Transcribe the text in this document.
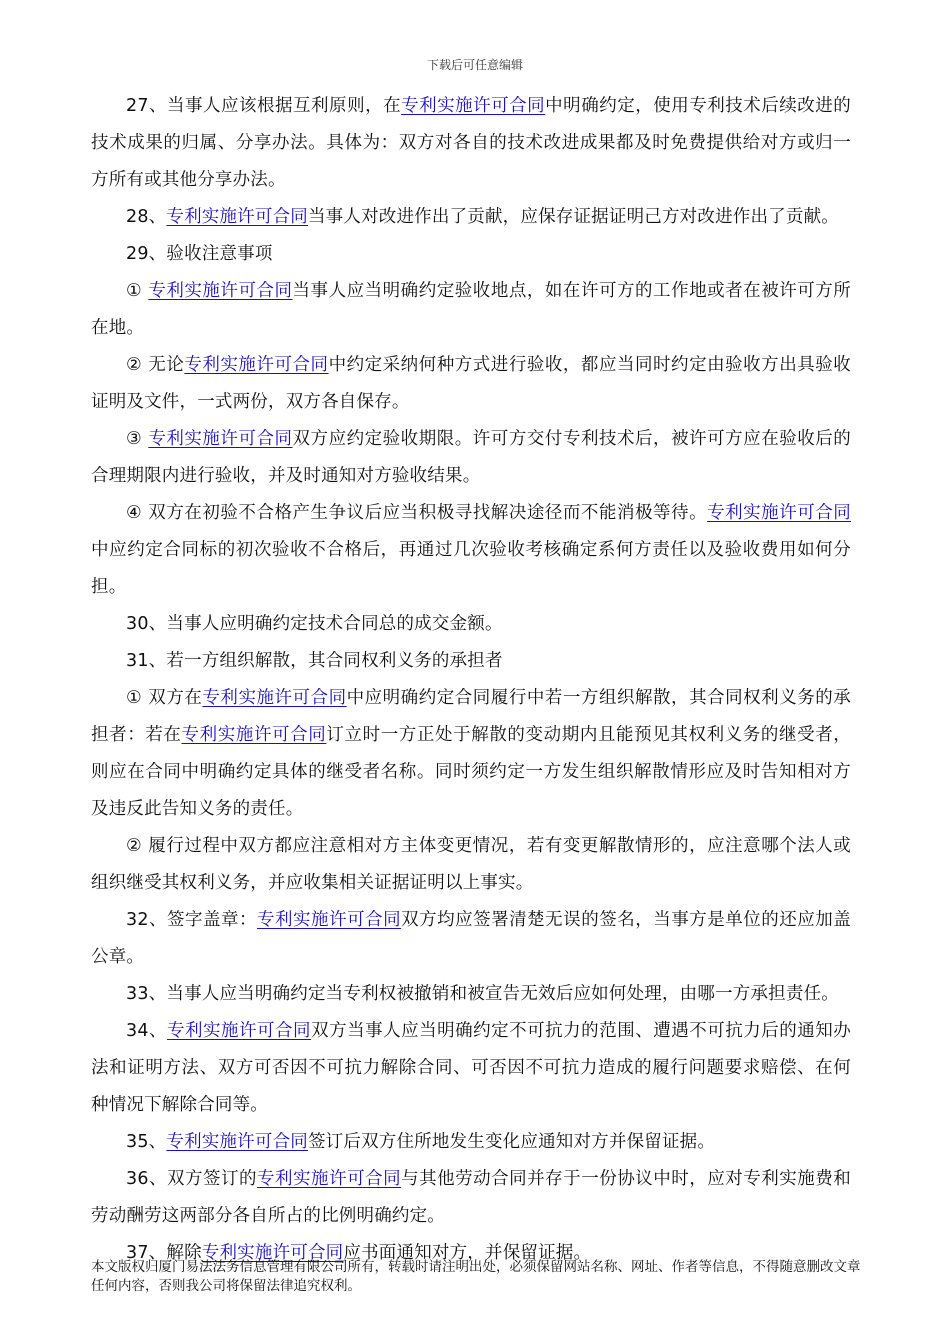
下载后可任意编辑

27、当事人应该根据互利原则，在专利实施许可合同中明确约定，使用专利技术后续改进的技术成果的归属、分享办法。具体为：双方对各自的技术改进成果都及时免费提供给对方或归一方所有或其他分享办法。

28、专利实施许可合同当事人对改进作出了贡献，应保存证据证明己方对改进作出了贡献。

29、验收注意事项

① 专利实施许可合同当事人应当明确约定验收地点，如在许可方的工作地或者在被许可方所在地。

② 无论专利实施许可合同中约定采纳何种方式进行验收，都应当同时约定由验收方出具验收证明及文件，一式两份，双方各自保存。

③ 专利实施许可合同双方应约定验收期限。许可方交付专利技术后，被许可方应在验收后的合理期限内进行验收，并及时通知对方验收结果。

④ 双方在初验不合格产生争议后应当积极寻找解决途径而不能消极等待。专利实施许可合同中应约定合同标的初次验收不合格后，再通过几次验收考核确定系何方责任以及验收费用如何分担。

30、当事人应明确约定技术合同总的成交金额。

31、若一方组织解散，其合同权利义务的承担者

① 双方在专利实施许可合同中应明确约定合同履行中若一方组织解散，其合同权利义务的承担者：若在专利实施许可合同订立时一方正处于解散的变动期内且能预见其权利义务的继受者，则应在合同中明确约定具体的继受者名称。同时须约定一方发生组织解散情形应及时告知相对方及违反此告知义务的责任。

② 履行过程中双方都应注意相对方主体变更情况，若有变更解散情形的，应注意哪个法人或组织继受其权利义务，并应收集相关证据证明以上事实。

32、签字盖章：专利实施许可合同双方均应签署清楚无误的签名，当事方是单位的还应加盖公章。

33、当事人应当明确约定当专利权被撤销和被宣告无效后应如何处理，由哪一方承担责任。

34、专利实施许可合同双方当事人应当明确约定不可抗力的范围、遭遇不可抗力后的通知办法和证明方法、双方可否因不可抗力解除合同、可否因不可抗力造成的履行问题要求赔偿、在何种情况下解除合同等。

35、专利实施许可合同签订后双方住所地发生变化应通知对方并保留证据。

36、双方签订的专利实施许可合同与其他劳动合同并存于一份协议中时，应对专利实施费和劳动酬劳这两部分各自所占的比例明确约定。

37、解除专利实施许可合同应书面通知对方，并保留证据。

本文版权归厦门易法法务信息管理有限公司所有，转载时请注明出处，必须保留网站名称、网址、作者等信息，不得随意删改文章任何内容，否则我公司将保留法律追究权利。
